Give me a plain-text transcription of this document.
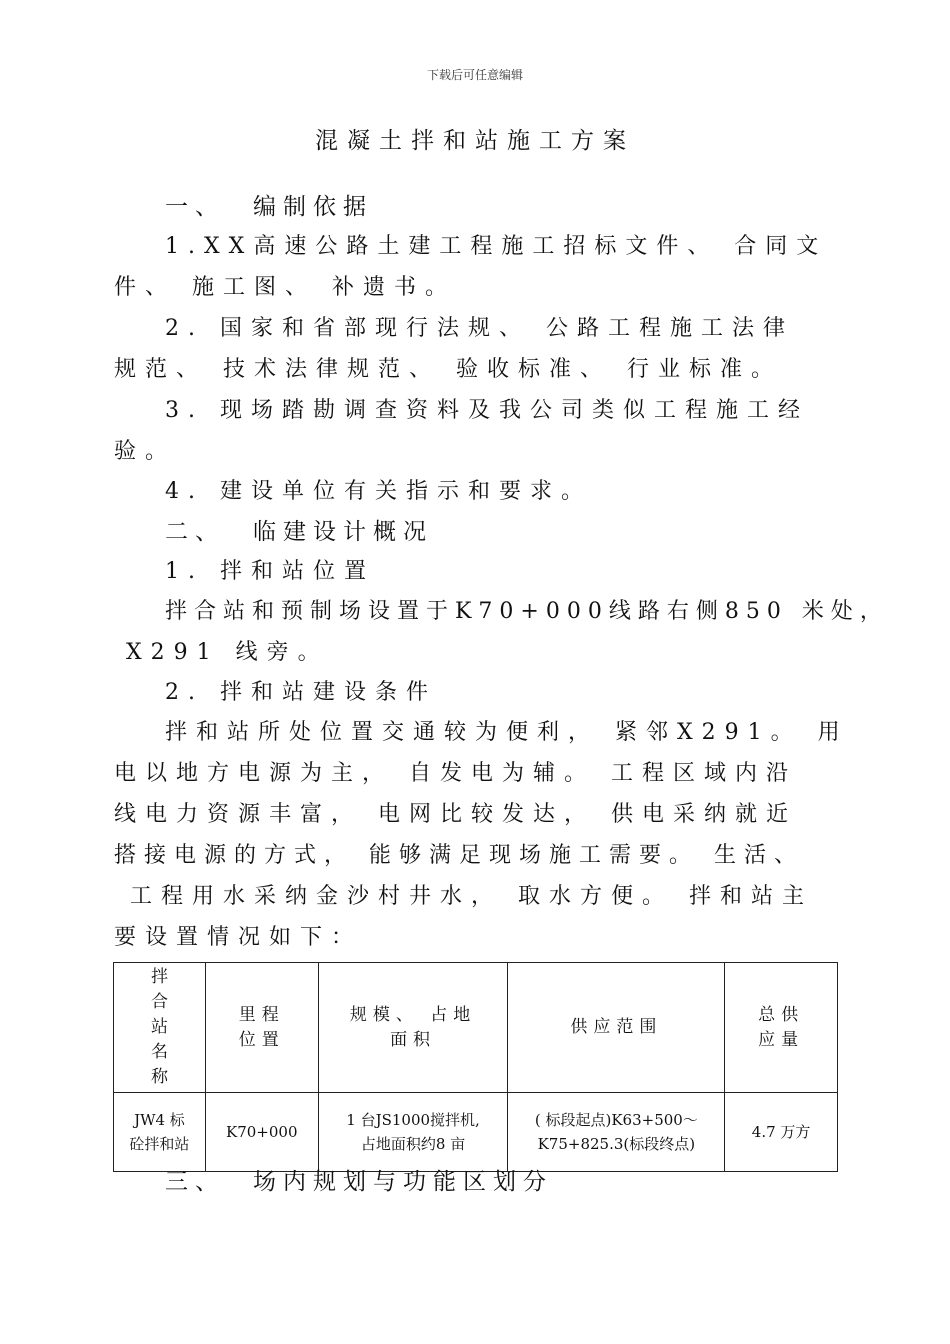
下载后可任意编辑
混凝土拌和站施工方案
一、 编制依据
1.XX高速公路土建工程施工招标文件、 合同文
件、 施工图、 补遗书。
2. 国家和省部现行法规、 公路工程施工法律
规范、 技术法律规范、 验收标准、 行业标准。
3. 现场踏勘调查资料及我公司类似工程施工经
验。
4. 建设单位有关指示和要求。
二、 临建设计概况
1. 拌和站位置
拌合站和预制场设置于K70+000线路右侧850 米处，
X291 线旁。
2. 拌和站建设条件
拌和站所处位置交通较为便利， 紧邻X291。 用
电以地方电源为主， 自发电为辅。 工程区域内沿
线电力资源丰富， 电网比较发达， 供电采纳就近
搭接电源的方式， 能够满足现场施工需要。 生活、
工程用水采纳金沙村井水， 取水方便。 拌和站主
要设置情况如下：
拌合站名称	里程位置	规模、 占地面积	供应范围	总供应量

JW4 标砼拌和站	K70+000	1 台JS1000搅拌机, 占地面积约8 亩	( 标段起点)K63+500～K75+825.3(标段终点)	4.7 万方
三、 场内规划与功能区划分
